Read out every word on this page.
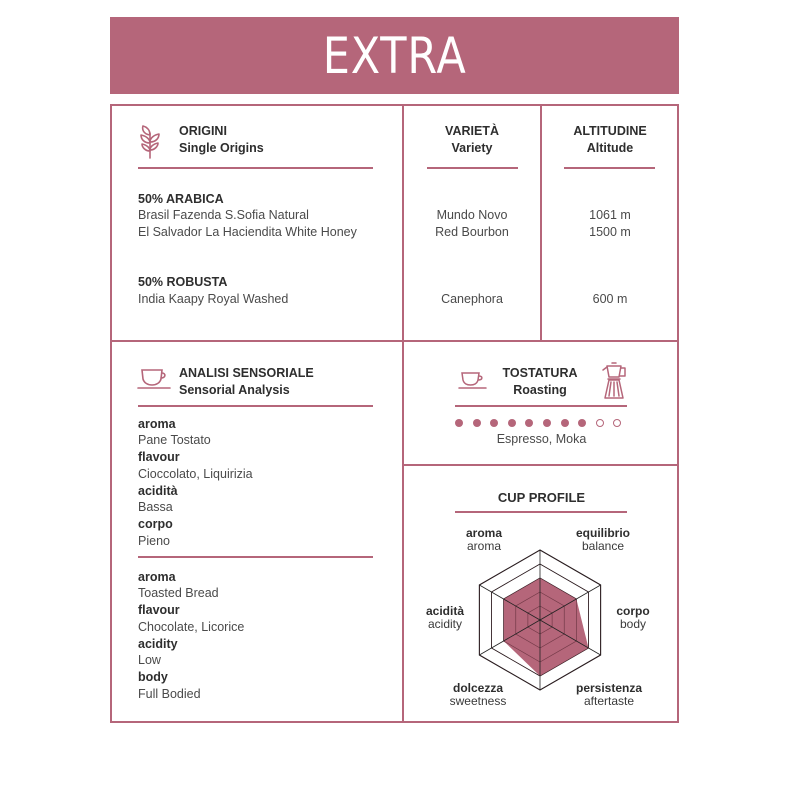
EXTRA
ORIGINI
Single Origins
50% ARABICA
Brasil Fazenda S.Sofia Natural
El Salvador La Haciendita White Honey
50% ROBUSTA
India Kaapy Royal Washed
VARIETÀ
Variety
Mundo Novo
Red Bourbon
Canephora
ALTITUDINE
Altitude
1061 m
1500 m
600 m
ANALISI SENSORIALE
Sensorial Analysis
aroma
Pane Tostato
flavour
Cioccolato, Liquirizia
acidità
Bassa
corpo
Pieno
aroma
Toasted Bread
flavour
Chocolate, Licorice
acidity
Low
body
Full Bodied
TOSTATURA
Roasting
Espresso, Moka
CUP PROFILE
aroma
aroma
equilibrio
balance
corpo
body
persistenza
aftertaste
dolcezza
sweetness
acidità
acidity
